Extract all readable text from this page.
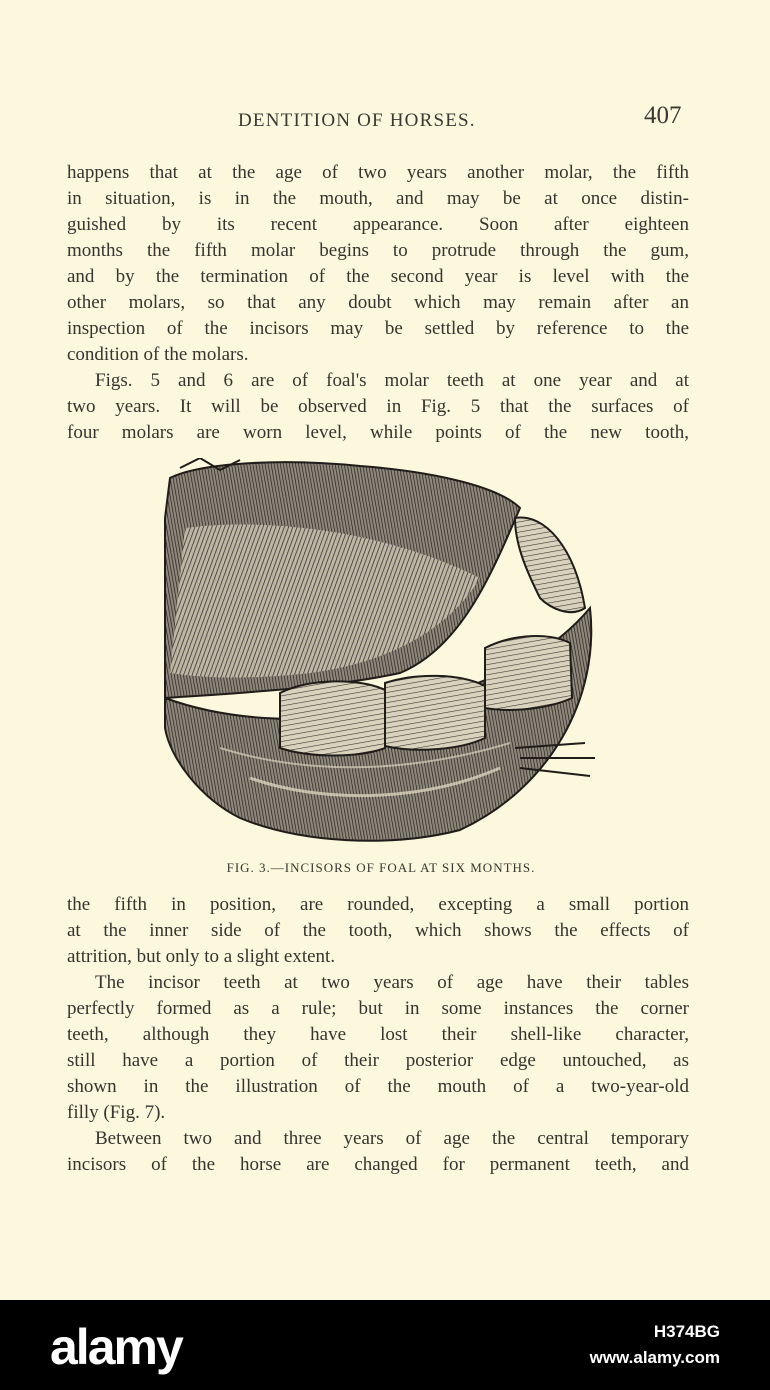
DENTITION OF HORSES.	407
happens that at the age of two years another molar, the fifth
in situation, is in the mouth, and may be at once distin-
guished by its recent appearance. Soon after eighteen
months the fifth molar begins to protrude through the gum,
and by the termination of the second year is level with the
other molars, so that any doubt which may remain after an
inspection of the incisors may be settled by reference to the
condition of the molars.
Figs. 5 and 6 are of foal's molar teeth at one year and at
two years. It will be observed in Fig. 5 that the surfaces of
four molars are worn level, while points of the new tooth,
FIG. 3.—INCISORS OF FOAL AT SIX MONTHS.
the fifth in position, are rounded, excepting a small portion
at the inner side of the tooth, which shows the effects of
attrition, but only to a slight extent.
The incisor teeth at two years of age have their tables
perfectly formed as a rule; but in some instances the corner
teeth, although they have lost their shell-like character,
still have a portion of their posterior edge untouched, as
shown in the illustration of the mouth of a two-year-old
filly (Fig. 7).
Between two and three years of age the central temporary
incisors of the horse are changed for permanent teeth, and
alamy	H374BG
www.alamy.com
